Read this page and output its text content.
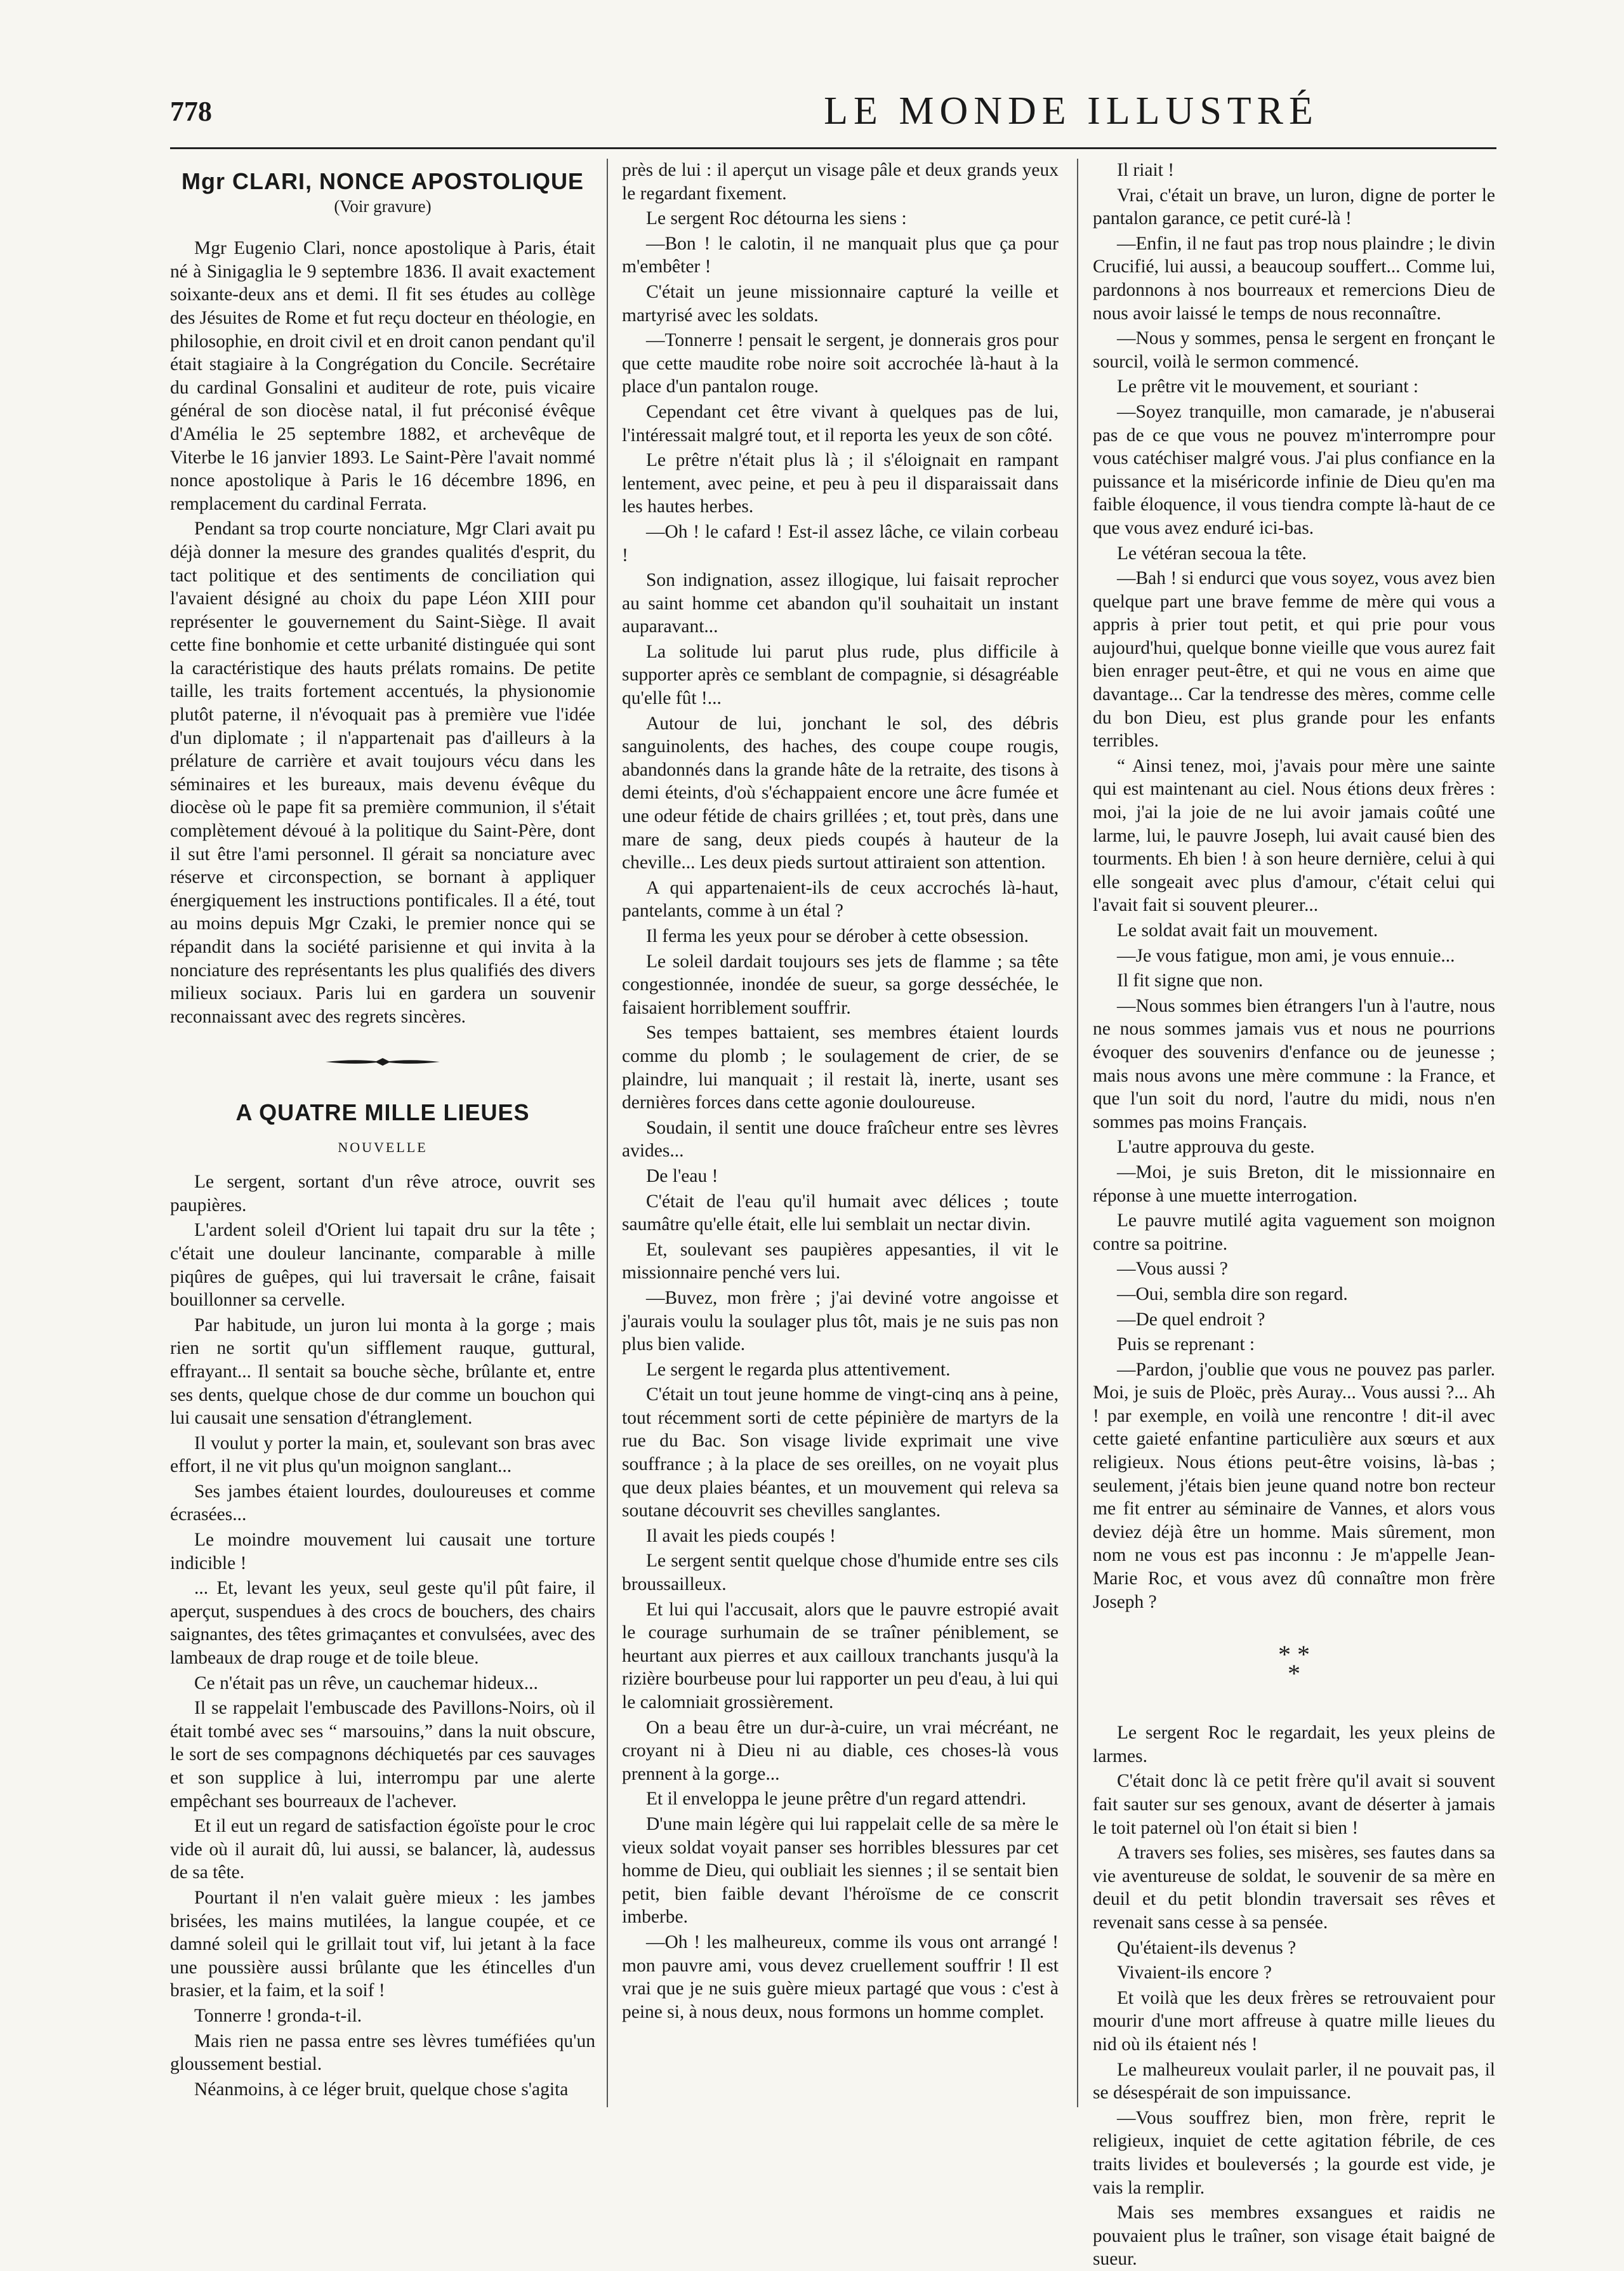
778	LE MONDE ILLUSTRÉ
Mgr CLARI, NONCE APOSTOLIQUE
(Voir gravure)

Mgr Eugenio Clari, nonce apostolique à Paris, était né à Sinigaglia le 9 septembre 1836. Il avait exactement soixante-deux ans et demi. Il fit ses études au collège des Jésuites de Rome et fut reçu docteur en théologie, en philosophie, en droit civil et en droit canon pendant qu'il était stagiaire à la Congrégation du Concile. Secrétaire du cardinal Gonsalini et auditeur de rote, puis vicaire général de son diocèse natal, il fut préconisé évêque d'Amélia le 25 septembre 1882, et archevêque de Viterbe le 16 janvier 1893. Le Saint-Père l'avait nommé nonce apostolique à Paris le 16 décembre 1896, en remplacement du cardinal Ferrata.

Pendant sa trop courte nonciature, Mgr Clari avait pu déjà donner la mesure des grandes qualités d'esprit, du tact politique et des sentiments de conciliation qui l'avaient désigné au choix du pape Léon XIII pour représenter le gouvernement du Saint-Siège. Il avait cette fine bonhomie et cette urbanité distinguée qui sont la caractéristique des hauts prélats romains. De petite taille, les traits fortement accentués, la physionomie plutôt paterne, il n'évoquait pas à première vue l'idée d'un diplomate ; il n'appartenait pas d'ailleurs à la prélature de carrière et avait toujours vécu dans les séminaires et les bureaux, mais devenu évêque du diocèse où le pape fit sa première communion, il s'était complètement dévoué à la politique du Saint-Père, dont il sut être l'ami personnel. Il gérait sa nonciature avec réserve et circonspection, se bornant à appliquer énergiquement les instructions pontificales. Il a été, tout au moins depuis Mgr Czaki, le premier nonce qui se répandit dans la société parisienne et qui invita à la nonciature des représentants les plus qualifiés des divers milieux sociaux. Paris lui en gardera un souvenir reconnaissant avec des regrets sincères.

A QUATRE MILLE LIEUES
NOUVELLE

Le sergent, sortant d'un rêve atroce, ouvrit ses paupières.

L'ardent soleil d'Orient lui tapait dru sur la tête ; c'était une douleur lancinante, comparable à mille piqûres de guêpes, qui lui traversait le crâne, faisait bouillonner sa cervelle.

Par habitude, un juron lui monta à la gorge ; mais rien ne sortit qu'un sifflement rauque, guttural, effrayant... Il sentait sa bouche sèche, brûlante et, entre ses dents, quelque chose de dur comme un bouchon qui lui causait une sensation d'étranglement.

Il voulut y porter la main, et, soulevant son bras avec effort, il ne vit plus qu'un moignon sanglant...

Ses jambes étaient lourdes, douloureuses et comme écrasées...

Le moindre mouvement lui causait une torture indicible !

... Et, levant les yeux, seul geste qu'il pût faire, il aperçut, suspendues à des crocs de bouchers, des chairs saignantes, des têtes grimaçantes et convulsées, avec des lambeaux de drap rouge et de toile bleue.

Ce n'était pas un rêve, un cauchemar hideux...

Il se rappelait l'embuscade des Pavillons-Noirs, où il était tombé avec ses “ marsouins,” dans la nuit obscure, le sort de ses compagnons déchiquetés par ces sauvages et son supplice à lui, interrompu par une alerte empêchant ses bourreaux de l'achever.

Et il eut un regard de satisfaction égoïste pour le croc vide où il aurait dû, lui aussi, se balancer, là, audessus de sa tête.

Pourtant il n'en valait guère mieux : les jambes brisées, les mains mutilées, la langue coupée, et ce damné soleil qui le grillait tout vif, lui jetant à la face une poussière aussi brûlante que les étincelles d'un brasier, et la faim, et la soif !

Tonnerre ! gronda-t-il.

Mais rien ne passa entre ses lèvres tuméfiées qu'un gloussement bestial.

Néanmoins, à ce léger bruit, quelque chose s'agita

près de lui : il aperçut un visage pâle et deux grands yeux le regardant fixement.

Le sergent Roc détourna les siens :

—Bon ! le calotin, il ne manquait plus que ça pour m'embêter !

C'était un jeune missionnaire capturé la veille et martyrisé avec les soldats.

—Tonnerre ! pensait le sergent, je donnerais gros pour que cette maudite robe noire soit accrochée là-haut à la place d'un pantalon rouge.

Cependant cet être vivant à quelques pas de lui, l'intéressait malgré tout, et il reporta les yeux de son côté.

Le prêtre n'était plus là ; il s'éloignait en rampant lentement, avec peine, et peu à peu il disparaissait dans les hautes herbes.

—Oh ! le cafard ! Est-il assez lâche, ce vilain corbeau !

Son indignation, assez illogique, lui faisait reprocher au saint homme cet abandon qu'il souhaitait un instant auparavant...

La solitude lui parut plus rude, plus difficile à supporter après ce semblant de compagnie, si désagréable qu'elle fût !...

Autour de lui, jonchant le sol, des débris sanguinolents, des haches, des coupe coupe rougis, abandonnés dans la grande hâte de la retraite, des tisons à demi éteints, d'où s'échappaient encore une âcre fumée et une odeur fétide de chairs grillées ; et, tout près, dans une mare de sang, deux pieds coupés à hauteur de la cheville... Les deux pieds surtout attiraient son attention.

A qui appartenaient-ils de ceux accrochés là-haut, pantelants, comme à un étal ?

Il ferma les yeux pour se dérober à cette obsession.

Le soleil dardait toujours ses jets de flamme ; sa tête congestionnée, inondée de sueur, sa gorge desséchée, le faisaient horriblement souffrir.

Ses tempes battaient, ses membres étaient lourds comme du plomb ; le soulagement de crier, de se plaindre, lui manquait ; il restait là, inerte, usant ses dernières forces dans cette agonie douloureuse.

Soudain, il sentit une douce fraîcheur entre ses lèvres avides...

De l'eau !

C'était de l'eau qu'il humait avec délices ; toute saumâtre qu'elle était, elle lui semblait un nectar divin.

Et, soulevant ses paupières appesanties, il vit le missionnaire penché vers lui.

—Buvez, mon frère ; j'ai deviné votre angoisse et j'aurais voulu la soulager plus tôt, mais je ne suis pas non plus bien valide.

Le sergent le regarda plus attentivement.

C'était un tout jeune homme de vingt-cinq ans à peine, tout récemment sorti de cette pépinière de martyrs de la rue du Bac. Son visage livide exprimait une vive souffrance ; à la place de ses oreilles, on ne voyait plus que deux plaies béantes, et un mouvement qui releva sa soutane découvrit ses chevilles sanglantes.

Il avait les pieds coupés !

Le sergent sentit quelque chose d'humide entre ses cils broussailleux.

Et lui qui l'accusait, alors que le pauvre estropié avait le courage surhumain de se traîner péniblement, se heurtant aux pierres et aux cailloux tranchants jusqu'à la rizière bourbeuse pour lui rapporter un peu d'eau, à lui qui le calomniait grossièrement.

On a beau être un dur-à-cuire, un vrai mécréant, ne croyant ni à Dieu ni au diable, ces choses-là vous prennent à la gorge...

Et il enveloppa le jeune prêtre d'un regard attendri.

D'une main légère qui lui rappelait celle de sa mère le vieux soldat voyait panser ses horribles blessures par cet homme de Dieu, qui oubliait les siennes ; il se sentait bien petit, bien faible devant l'héroïsme de ce conscrit imberbe.

—Oh ! les malheureux, comme ils vous ont arrangé ! mon pauvre ami, vous devez cruellement souffrir ! Il est vrai que je ne suis guère mieux partagé que vous : c'est à peine si, à nous deux, nous formons un homme complet.

Il riait !

Vrai, c'était un brave, un luron, digne de porter le pantalon garance, ce petit curé-là !

—Enfin, il ne faut pas trop nous plaindre ; le divin Crucifié, lui aussi, a beaucoup souffert... Comme lui, pardonnons à nos bourreaux et remercions Dieu de nous avoir laissé le temps de nous reconnaître.

—Nous y sommes, pensa le sergent en fronçant le sourcil, voilà le sermon commencé.

Le prêtre vit le mouvement, et souriant :

—Soyez tranquille, mon camarade, je n'abuserai pas de ce que vous ne pouvez m'interrompre pour vous catéchiser malgré vous. J'ai plus confiance en la puissance et la miséricorde infinie de Dieu qu'en ma faible éloquence, il vous tiendra compte là-haut de ce que vous avez enduré ici-bas.

Le vétéran secoua la tête.

—Bah ! si endurci que vous soyez, vous avez bien quelque part une brave femme de mère qui vous a appris à prier tout petit, et qui prie pour vous aujourd'hui, quelque bonne vieille que vous aurez fait bien enrager peut-être, et qui ne vous en aime que davantage... Car la tendresse des mères, comme celle du bon Dieu, est plus grande pour les enfants terribles.

“ Ainsi tenez, moi, j'avais pour mère une sainte qui est maintenant au ciel. Nous étions deux frères : moi, j'ai la joie de ne lui avoir jamais coûté une larme, lui, le pauvre Joseph, lui avait causé bien des tourments. Eh bien ! à son heure dernière, celui à qui elle songeait avec plus d'amour, c'était celui qui l'avait fait si souvent pleurer...

Le soldat avait fait un mouvement.

—Je vous fatigue, mon ami, je vous ennuie...

Il fit signe que non.

—Nous sommes bien étrangers l'un à l'autre, nous ne nous sommes jamais vus et nous ne pourrions évoquer des souvenirs d'enfance ou de jeunesse ; mais nous avons une mère commune : la France, et que l'un soit du nord, l'autre du midi, nous n'en sommes pas moins Français.

L'autre approuva du geste.

—Moi, je suis Breton, dit le missionnaire en réponse à une muette interrogation.

Le pauvre mutilé agita vaguement son moignon contre sa poitrine.

—Vous aussi ?

—Oui, sembla dire son regard.

—De quel endroit ?

Puis se reprenant :

—Pardon, j'oublie que vous ne pouvez pas parler. Moi, je suis de Ploëc, près Auray... Vous aussi ?... Ah ! par exemple, en voilà une rencontre ! dit-il avec cette gaieté enfantine particulière aux sœurs et aux religieux. Nous étions peut-être voisins, là-bas ; seulement, j'étais bien jeune quand notre bon recteur me fit entrer au séminaire de Vannes, et alors vous deviez déjà être un homme. Mais sûrement, mon nom ne vous est pas inconnu : Je m'appelle Jean-Marie Roc, et vous avez dû connaître mon frère Joseph ?

* *
*

Le sergent Roc le regardait, les yeux pleins de larmes.

C'était donc là ce petit frère qu'il avait si souvent fait sauter sur ses genoux, avant de déserter à jamais le toit paternel où l'on était si bien !

A travers ses folies, ses misères, ses fautes dans sa vie aventureuse de soldat, le souvenir de sa mère en deuil et du petit blondin traversait ses rêves et revenait sans cesse à sa pensée.

Qu'étaient-ils devenus ?

Vivaient-ils encore ?

Et voilà que les deux frères se retrouvaient pour mourir d'une mort affreuse à quatre mille lieues du nid où ils étaient nés !

Le malheureux voulait parler, il ne pouvait pas, il se désespérait de son impuissance.

—Vous souffrez bien, mon frère, reprit le religieux, inquiet de cette agitation fébrile, de ces traits livides et bouleversés ; la gourde est vide, je vais la remplir.

Mais ses membres exsangues et raidis ne pouvaient plus le traîner, son visage était baigné de sueur.
